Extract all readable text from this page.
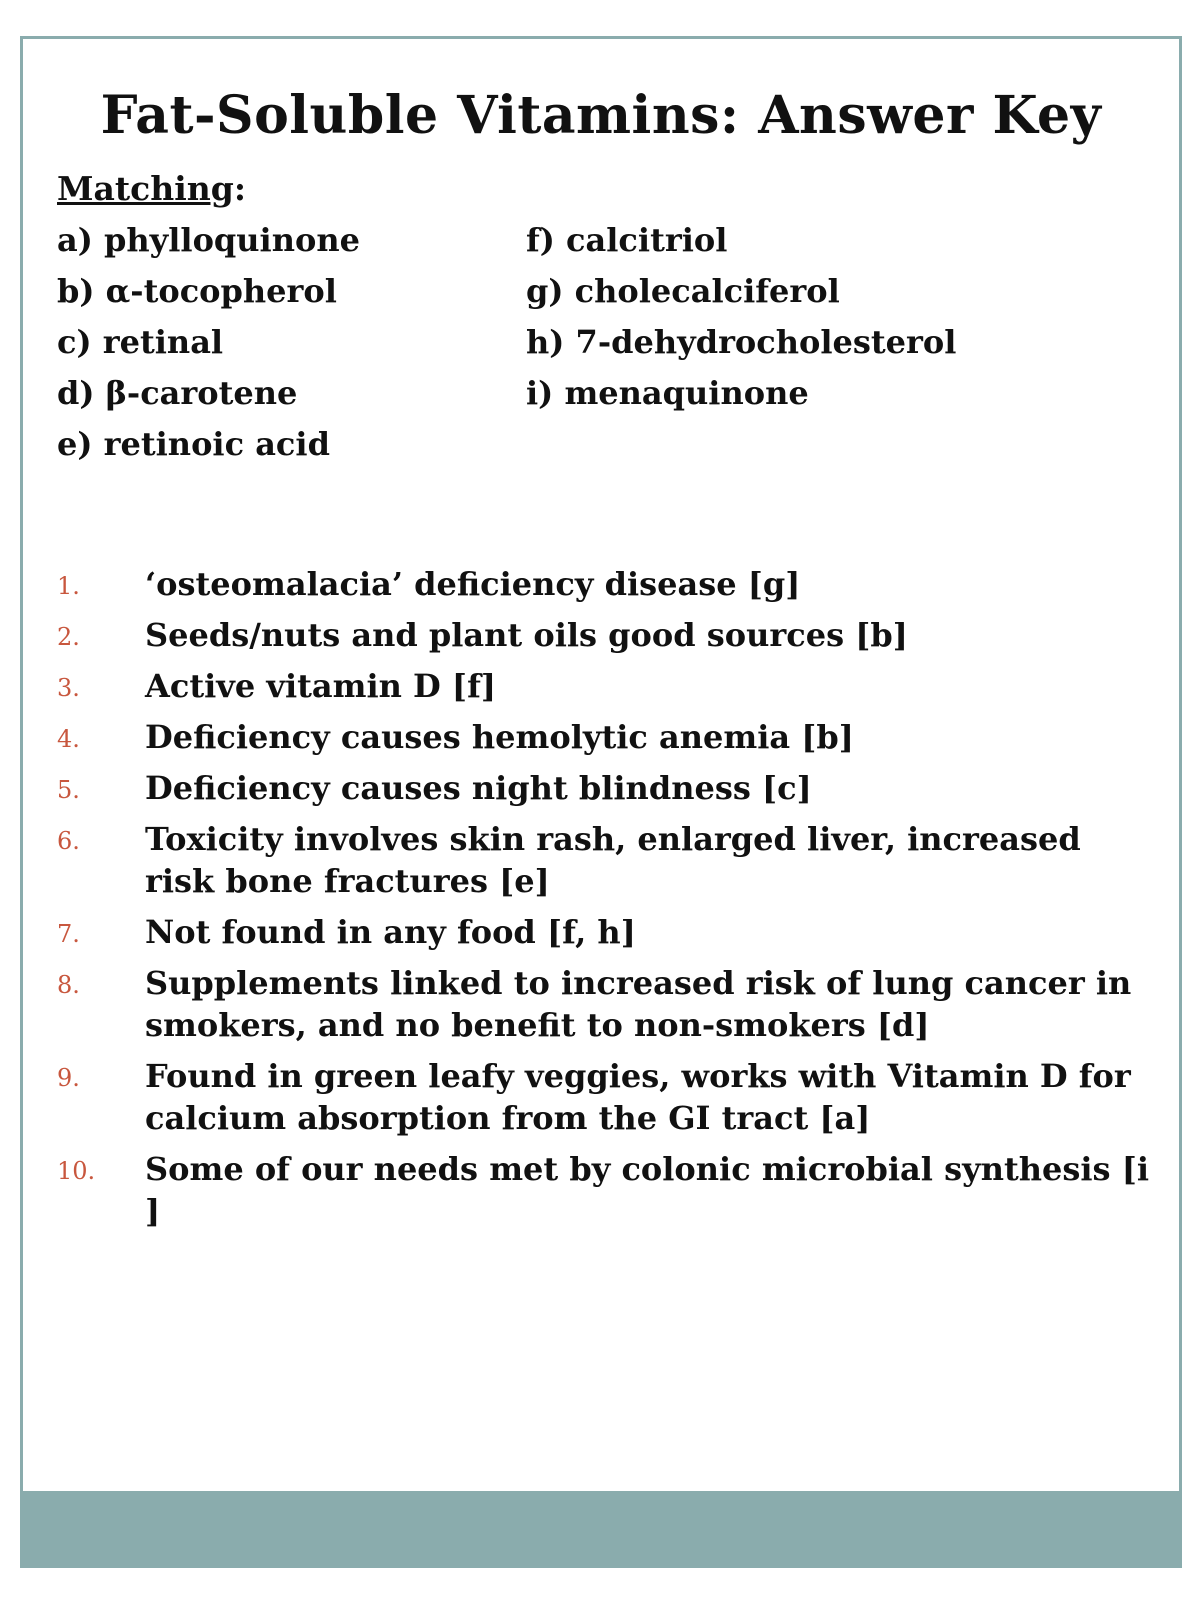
Fat-Soluble Vitamins: Answer Key
Matching:
a) phylloquinone
b) α-tocopherol
c) retinal
d) β-carotene
e) retinoic acid
f) calcitriol
g) cholecalciferol
h) 7-dehydrocholesterol
i) menaquinone
1. ‘osteomalacia’ deficiency disease [g]
2. Seeds/nuts and plant oils good sources [b]
3. Active vitamin D [f]
4. Deficiency causes hemolytic anemia [b]
5. Deficiency causes night blindness [c]
6. Toxicity involves skin rash, enlarged liver, increased risk bone fractures [e]
7. Not found in any food [f, h]
8. Supplements linked to increased risk of lung cancer in smokers, and no benefit to non-smokers [d]
9. Found in green leafy veggies, works with Vitamin D for calcium absorption from the GI tract [a]
10. Some of our needs met by colonic microbial synthesis [i ]
